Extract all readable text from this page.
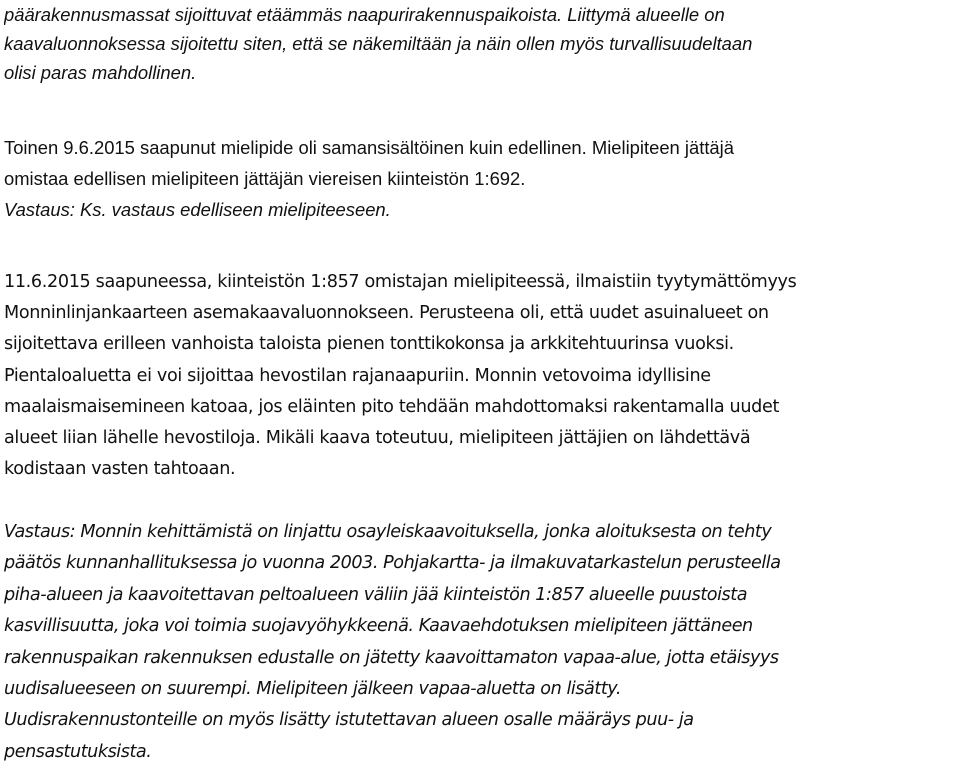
päärakennusmassat sijoittuvat etäämmäs naapurirakennuspaikoista. Liittymä alueelle on
kaavaluonnoksessa sijoitettu siten, että se näkemiltään ja näin ollen myös turvallisuudeltaan
olisi paras mahdollinen.
Toinen 9.6.2015 saapunut mielipide oli samansisältöinen kuin edellinen. Mielipiteen jättäjä
omistaa edellisen mielipiteen jättäjän viereisen kiinteistön 1:692.
Vastaus: Ks. vastaus edelliseen mielipiteeseen.
11.6.2015 saapuneessa, kiinteistön 1:857 omistajan mielipiteessä, ilmaistiin tyytymättömyys
Monninlinjankaarteen asemakaavaluonnokseen. Perusteena oli, että uudet asuinalueet on
sijoitettava erilleen vanhoista taloista pienen tonttikokonsa ja arkkitehtuurinsa vuoksi.
Pientaloaluetta ei voi sijoittaa hevostilan rajanaapuriin. Monnin vetovoima idyllisine
maalaismaisemineen katoaa, jos eläinten pito tehdään mahdottomaksi rakentamalla uudet
alueet liian lähelle hevostiloja. Mikäli kaava toteutuu, mielipiteen jättäjien on lähdettävä
kodistaan vasten tahtoaan.
Vastaus: Monnin kehittämistä on linjattu osayleiskaavoituksella, jonka aloituksesta on tehty
päätös kunnanhallituksessa jo vuonna 2003. Pohjakartta- ja ilmakuvatarkastelun perusteella
piha-alueen ja kaavoitettavan peltoalueen väliin jää kiinteistön 1:857 alueelle puustoista
kasvillisuutta, joka voi toimia suojavyöhykkeenä. Kaavaehdotuksen mielipiteen jättäneen
rakennuspaikan rakennuksen edustalle on jätetty kaavoittamaton vapaa-alue, jotta etäisyys
uudisalueeseen on suurempi. Mielipiteen jälkeen vapaa-aluetta on lisätty.
Uudisrakennustonteille on myös lisätty istutettavan alueen osalle määräys puu- ja
pensastutuksista.
